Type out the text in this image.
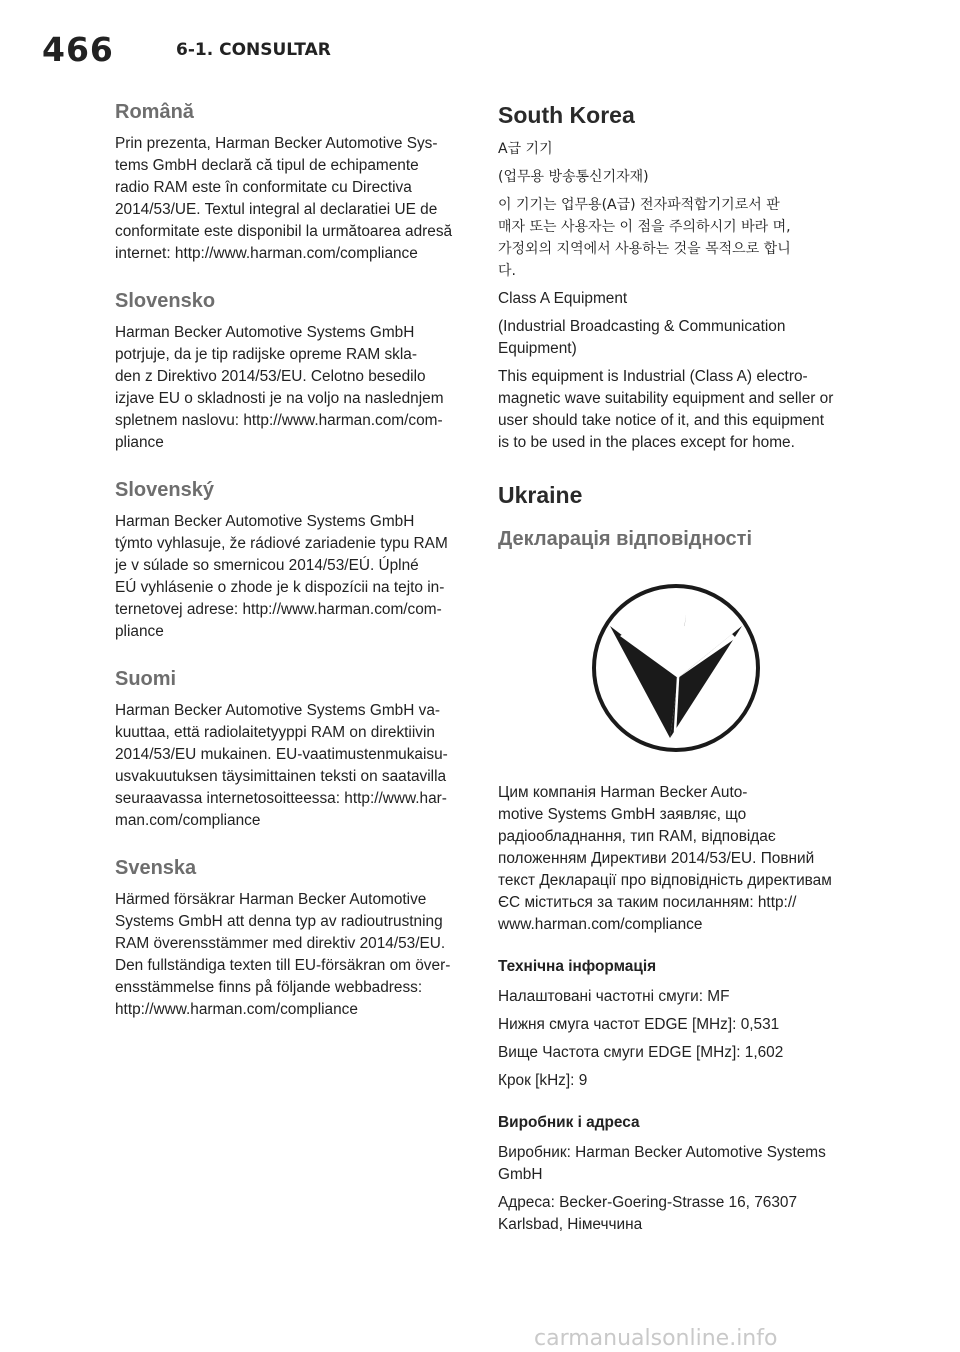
466	6-1. CONSULTAR
Română
Prin prezenta, Harman Becker Automotive Sys-
tems GmbH declară că tipul de echipamente
radio RAM este în conformitate cu Directiva
2014/53/UE. Textul integral al declaratiei UE de
conformitate este disponibil la următoarea adresă
internet: http://www.harman.com/compliance
Slovensko
Harman Becker Automotive Systems GmbH
potrjuje, da je tip radijske opreme RAM skla-
den z Direktivo 2014/53/EU. Celotno besedilo
izjave EU o skladnosti je na voljo na naslednjem
spletnem naslovu: http://www.harman.com/com-
pliance
Slovenský
Harman Becker Automotive Systems GmbH
týmto vyhlasuje, že rádiové zariadenie typu RAM
je v súlade so smernicou 2014/53/EÚ. Úplné
EÚ vyhlásenie o zhode je k dispozícii na tejto in-
ternetovej adrese: http://www.harman.com/com-
pliance
Suomi
Harman Becker Automotive Systems GmbH va-
kuuttaa, että radiolaitetyyppi RAM on direktiivin
2014/53/EU mukainen. EU-vaatimustenmukaisu-
usvakuutuksen täysimittainen teksti on saatavilla
seuraavassa internetosoitteessa: http://www.har-
man.com/compliance
Svenska
Härmed försäkrar Harman Becker Automotive
Systems GmbH att denna typ av radioutrustning
RAM överensstämmer med direktiv 2014/53/EU.
Den fullständiga texten till EU-försäkran om över-
ensstämmelse finns på följande webbadress:
http://www.harman.com/compliance
South Korea
A급 기기
(업무용 방송통신기자재)
이 기기는 업무용(A급) 전자파적합기기로서 판
매자 또는 사용자는 이 점을 주의하시기 바라 며,
가정외의 지역에서 사용하는 것을 목적으로 합니
다.
Class A Equipment
(Industrial Broadcasting & Communication
Equipment)
This equipment is Industrial (Class A) electro-
magnetic wave suitability equipment and seller or
user should take notice of it, and this equipment
is to be used in the places except for home.
Ukraine
Декларація відповідності
Цим компанія Harman Becker Auto-
motive Systems GmbH заявляє, що
радіообладнання, тип RAM, відповідає
положенням Директиви 2014/53/EU. Повний
текст Декларації про відповідність директивам
ЄС міститься за таким посиланням: http://
www.harman.com/compliance
Технічна інформація
Налаштовані частотні смуги: MF
Нижня смуга частот EDGE [MHz]: 0,531
Вище Частота смуги EDGE [MHz]: 1,602
Крок [kHz]: 9
Виробник і адреса
Виробник: Harman Becker Automotive Systems
GmbH
Адреса: Becker-Goering-Strasse 16, 76307
Karlsbad, Німеччина
carmanualsonline.info
